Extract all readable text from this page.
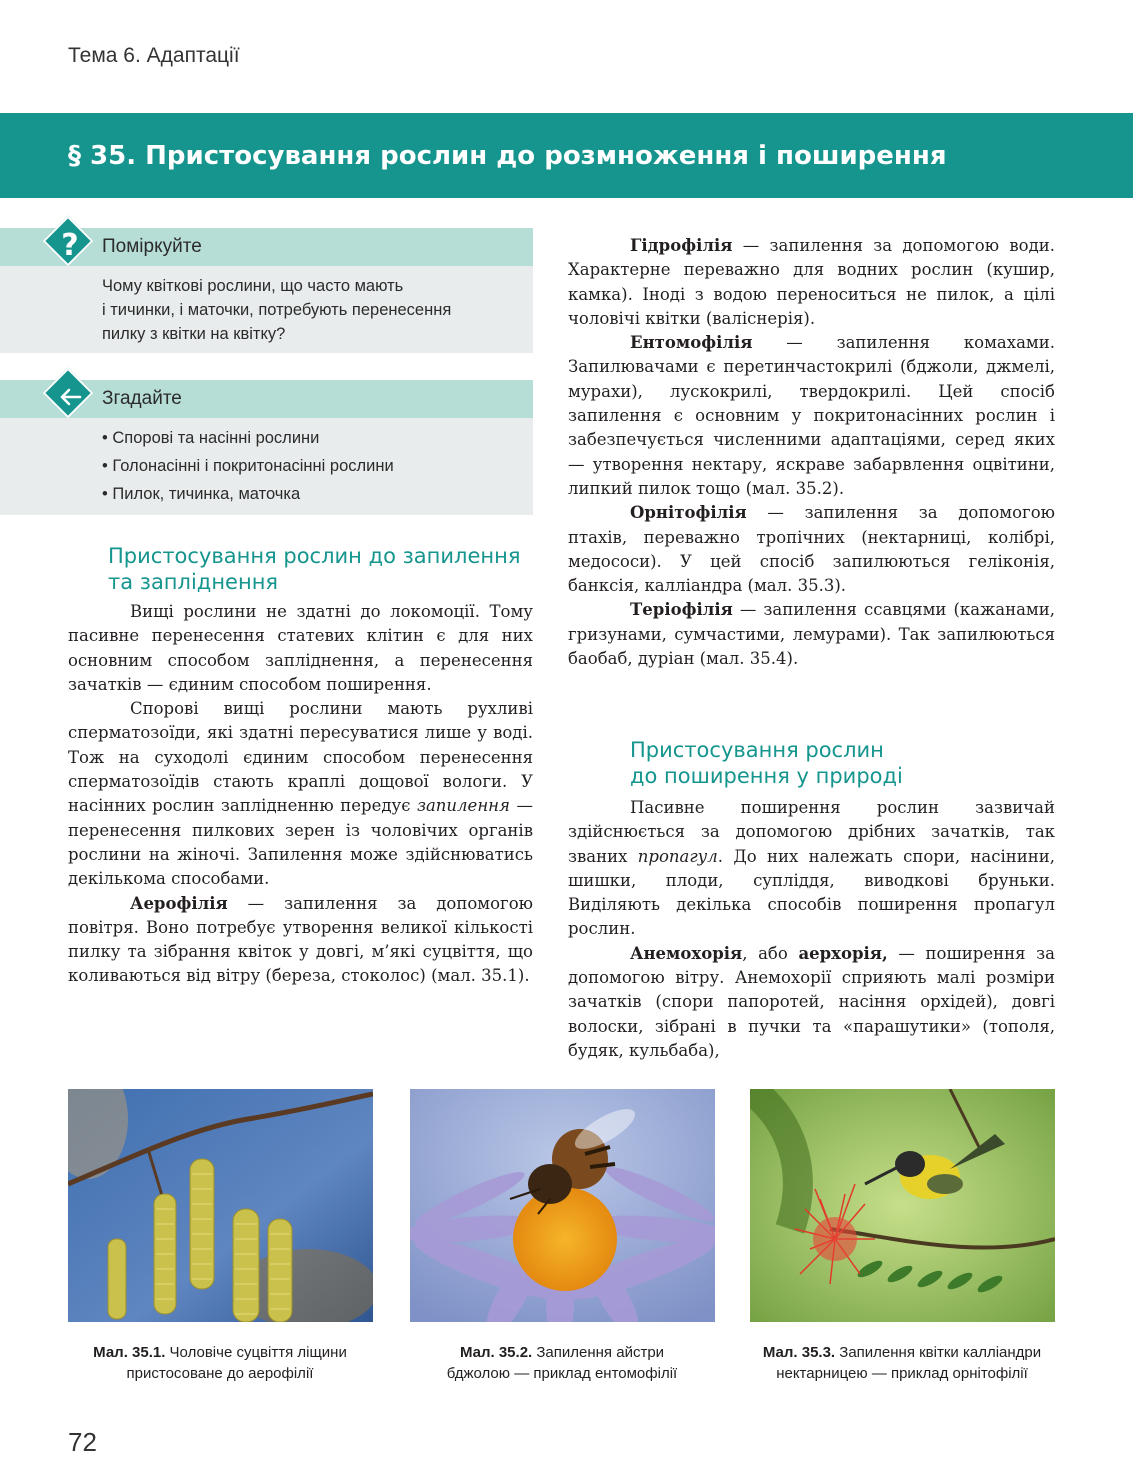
Тема 6. Адаптації
§ 35. Пристосування рослин до розмноження і поширення
Поміркуйте
?
Чому квіткові рослини, що часто мають
і тичинки, і маточки, потребують перенесення
пилку з квітки на квітку?
Згадайте
• Спорові та насінні рослини
• Голонасінні і покритонасінні рослини
• Пилок, тичинка, маточка
Пристосування рослин до запилення
та запліднення

Вищі рослини не здатні до локомоції. Тому пасивне перенесення статевих клітин є для них основним способом запліднення, а перенесення зачатків — єдиним способом поширення.

Спорові вищі рослини мають рухливі сперматозоїди, які здатні пересуватися лише у воді. Тож на суходолі єдиним способом перенесення сперматозоїдів стають краплі дощової вологи. У насінних рослин заплідненню передує запилення — перенесення пилкових зерен із чоловічих органів рослини на жіночі. Запилення може здійснюватись декількома способами.

Аерофілія — запилення за допомогою повітря. Воно потребує утворення великої кількості пилку та зібрання квіток у довгі, м’які суцвіття, що коливаються від вітру (береза, стоколос) (мал. 35.1).

Гідрофілія — запилення за допомогою води. Характерне переважно для водних рослин (кушир, камка). Іноді з водою переноситься не пилок, а цілі чоловічі квітки (валіснерія).

Ентомофілія — запилення комахами. Запилювачами є перетинчастокрилі (бджоли, джмелі, мурахи), лускокрилі, твердокрилі. Цей спосіб запилення є основним у покритонасінних рослин і забезпечується численними адаптаціями, серед яких — утворення нектару, яскраве забарвлення оцвітини, липкий пилок тощо (мал. 35.2).

Орнітофілія — запилення за допомогою птахів, переважно тропічних (нектарниці, колібрі, медососи). У цей спосіб запилюються геліконія, банксія, калліандра (мал. 35.3).

Теріофілія — запилення ссавцями (кажанами, гризунами, сумчастими, лемурами). Так запилюються баобаб, дуріан (мал. 35.4).

Пристосування рослин
до поширення у природі

Пасивне поширення рослин зазвичай здійснюється за допомогою дрібних зачатків, так званих пропагул. До них належать спори, насінини, шишки, плоди, супліддя, виводкові бруньки. Виділяють декілька способів поширення пропагул рослин.

Анемохорія, або аерхорія, — поширення за допомогою вітру. Анемохорії сприяють малі розміри зачатків (спори папоротей, насіння орхідей), довгі волоски, зібрані в пучки та «парашутики» (тополя, будяк, кульбаба),

Мал. 35.1. Чоловіче суцвіття ліщини
пристосоване до аерофілії
Мал. 35.2. Запилення айстри
бджолою — приклад ентомофілії
Мал. 35.3. Запилення квітки калліандри
нектарницею — приклад орнітофілії
72
